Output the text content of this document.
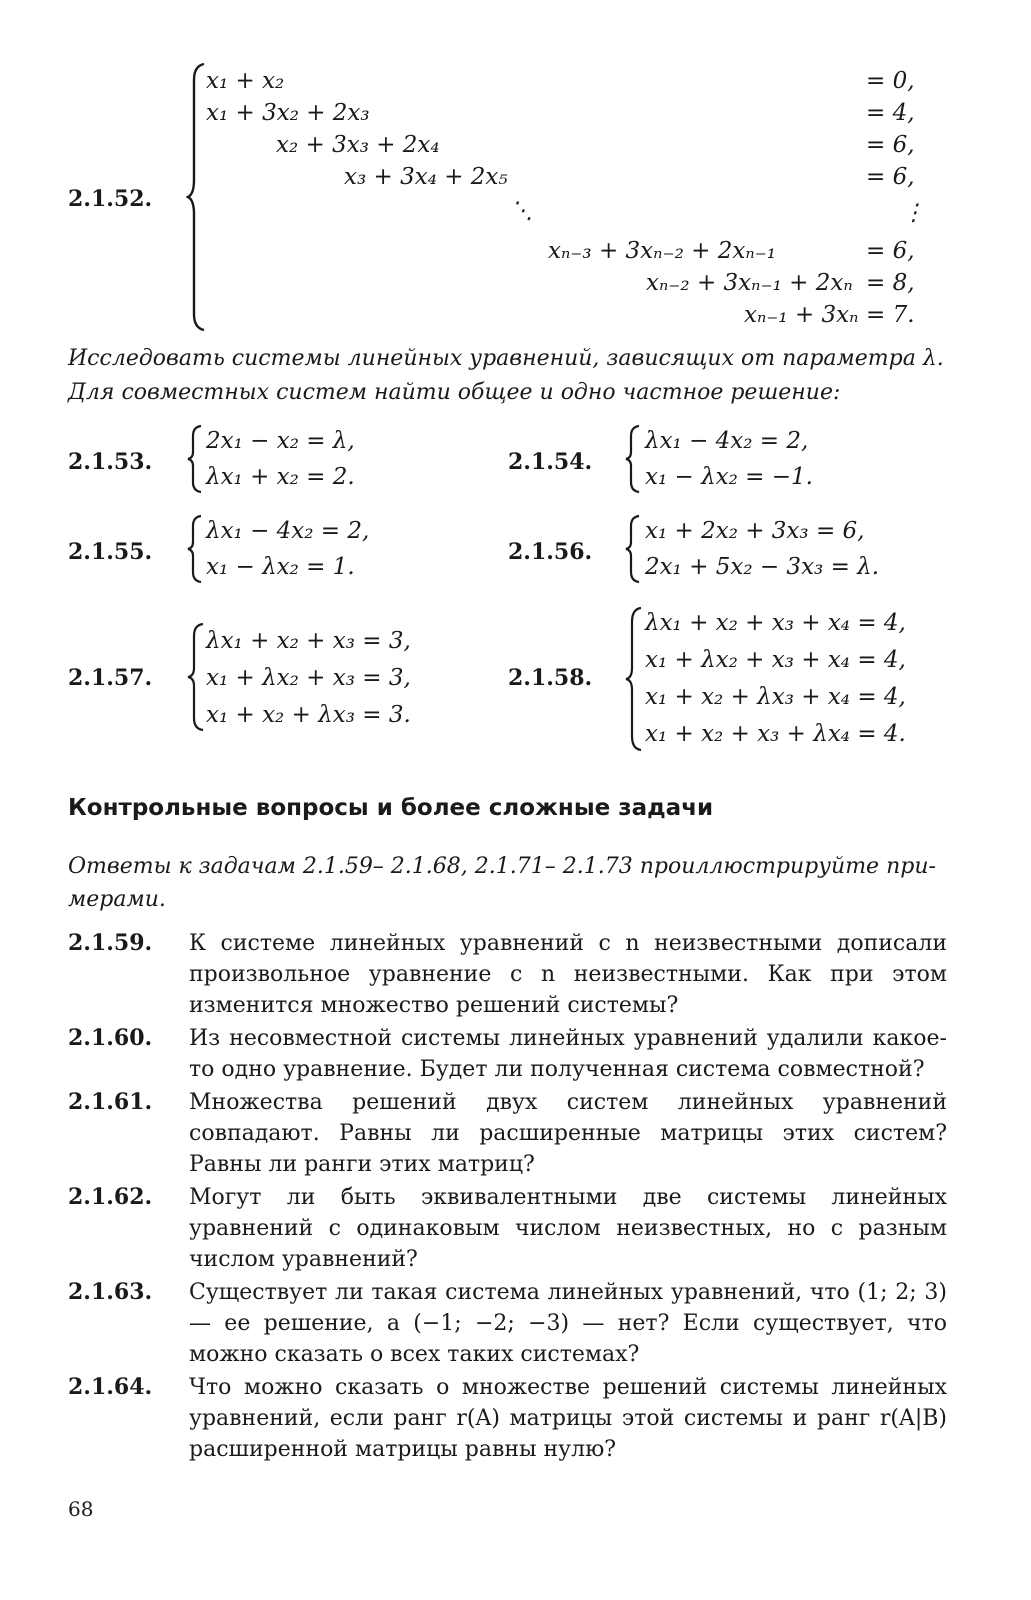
2.1.52.
x₁ + x₂	= 0,
x₁ + 3x₂ + 2x₃	= 4,
x₂ + 3x₃ + 2x₄	= 6,
x₃ + 3x₄ + 2x₅	= 6,
⋱	⋮
xₙ₋₃ + 3xₙ₋₂ + 2xₙ₋₁	= 6,
xₙ₋₂ + 3xₙ₋₁ + 2xₙ = 8,
xₙ₋₁ + 3xₙ = 7.
Исследовать системы линейных уравнений, зависящих от параметра λ.
Для совместных систем найти общее и одно частное решение:
2.1.53.
2x₁ − x₂ = λ,
λx₁ + x₂ = 2.
2.1.54.
λx₁ − 4x₂ = 2,
x₁ − λx₂ = −1.
2.1.55.
λx₁ − 4x₂ = 2,
x₁ − λx₂ = 1.
2.1.56.
x₁ + 2x₂ + 3x₃ = 6,
2x₁ + 5x₂ − 3x₃ = λ.
2.1.57.
λx₁ + x₂ + x₃ = 3,
x₁ + λx₂ + x₃ = 3,
x₁ + x₂ + λx₃ = 3.
2.1.58.
λx₁ + x₂ + x₃ + x₄ = 4,
x₁ + λx₂ + x₃ + x₄ = 4,
x₁ + x₂ + λx₃ + x₄ = 4,
x₁ + x₂ + x₃ + λx₄ = 4.
Контрольные вопросы и более сложные задачи
Ответы к задачам 2.1.59– 2.1.68, 2.1.71– 2.1.73 проиллюстрируйте при-
мерами.
2.1.59. К системе линейных уравнений с n неизвестными дописали произвольное уравнение с n неизвестными. Как при этом изменится множество решений системы?
2.1.60. Из несовместной системы линейных уравнений удалили какое-то одно уравнение. Будет ли полученная система совместной?
2.1.61. Множества решений двух систем линейных уравнений совпадают. Равны ли расширенные матрицы этих систем? Равны ли ранги этих матриц?
2.1.62. Могут ли быть эквивалентными две системы линейных уравнений с одинаковым числом неизвестных, но с разным числом уравнений?
2.1.63. Существует ли такая система линейных уравнений, что (1; 2; 3) — ее решение, а (−1; −2; −3) — нет? Если существует, что можно сказать о всех таких системах?
2.1.64. Что можно сказать о множестве решений системы линейных уравнений, если ранг r(A) матрицы этой системы и ранг r(A|B) расширенной матрицы равны нулю?
68
